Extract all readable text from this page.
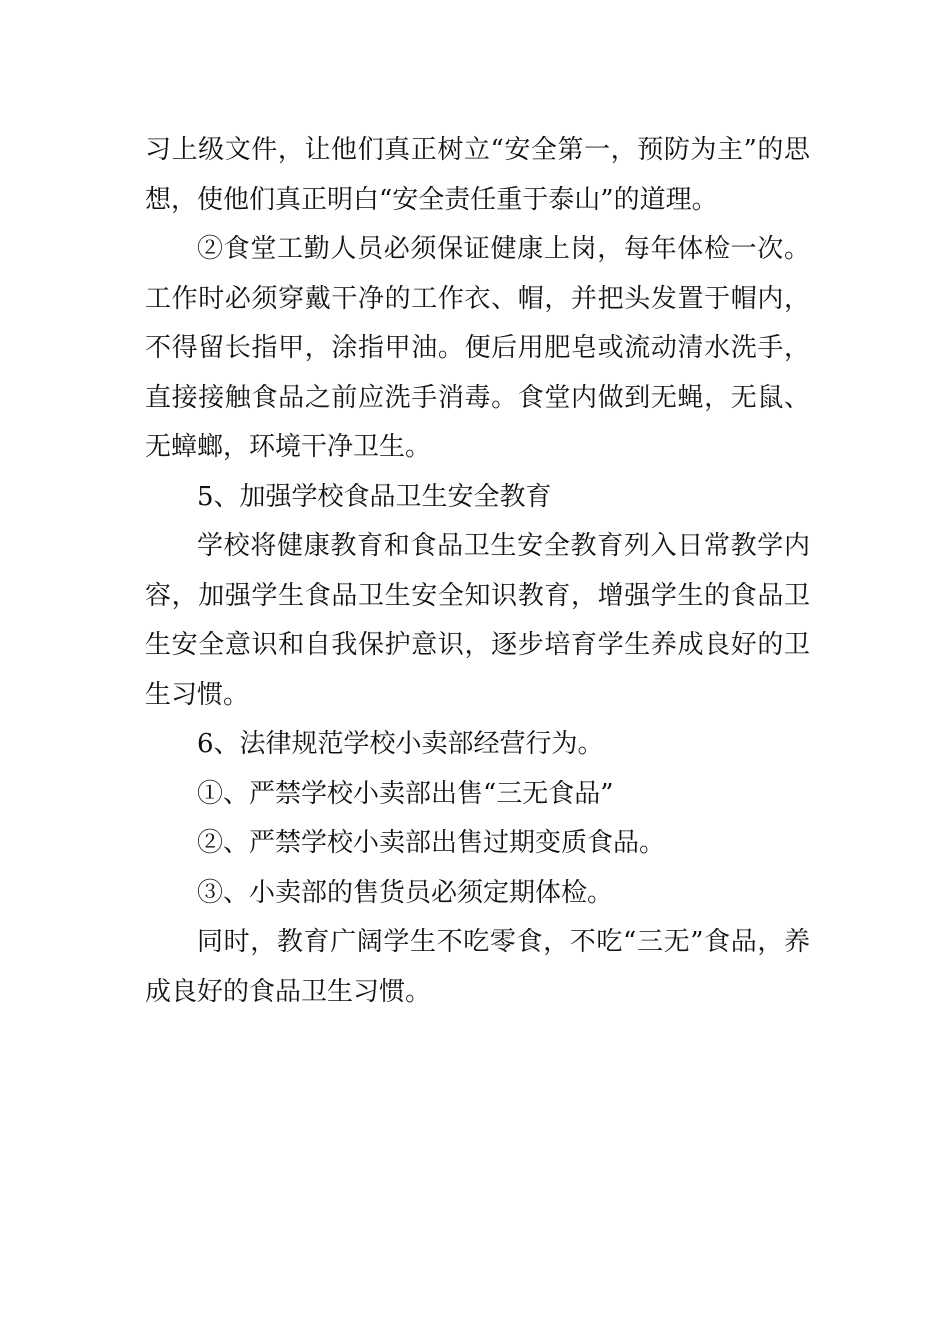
习上级文件，让他们真正树立“安全第一，预防为主”的思想，使他们真正明白“安全责任重于泰山”的道理。

②食堂工勤人员必须保证健康上岗，每年体检一次。工作时必须穿戴干净的工作衣、帽，并把头发置于帽内，不得留长指甲，涂指甲油。便后用肥皂或流动清水洗手，直接接触食品之前应洗手消毒。食堂内做到无蝇，无鼠、无蟑螂，环境干净卫生。

5、加强学校食品卫生安全教育

学校将健康教育和食品卫生安全教育列入日常教学内容，加强学生食品卫生安全知识教育，增强学生的食品卫生安全意识和自我保护意识，逐步培育学生养成良好的卫生习惯。

6、法律规范学校小卖部经营行为。

①、严禁学校小卖部出售“三无食品”

②、严禁学校小卖部出售过期变质食品。

③、小卖部的售货员必须定期体检。

同时，教育广阔学生不吃零食，不吃“三无”食品，养成良好的食品卫生习惯。
